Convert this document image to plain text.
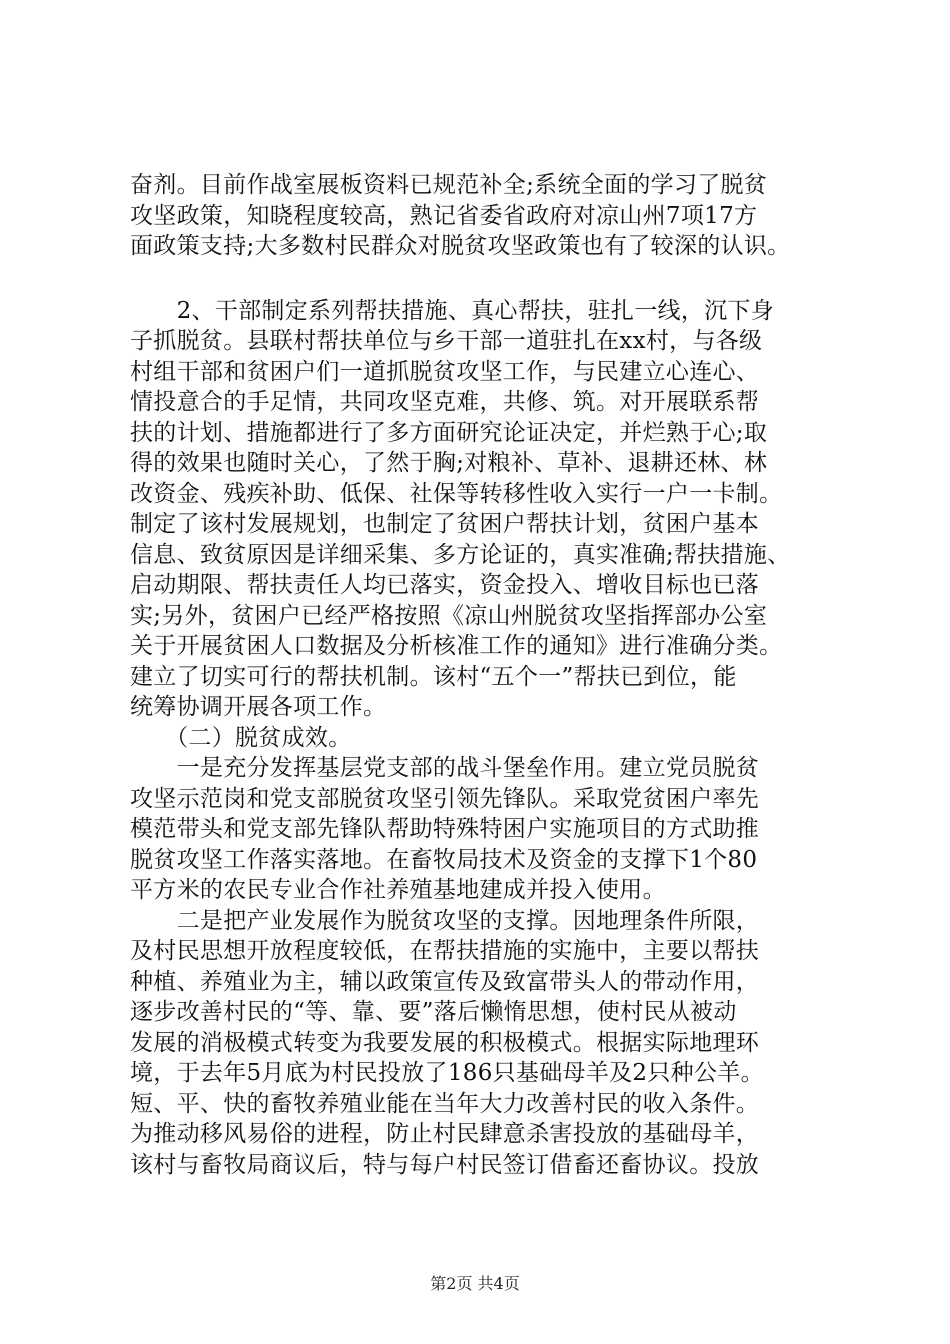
奋剂。目前作战室展板资料已规范补全;系统全面的学习了脱贫
攻坚政策，知晓程度较高，熟记省委省政府对凉山州7项17方
面政策支持;大多数村民群众对脱贫攻坚政策也有了较深的认识。
　　2、干部制定系列帮扶措施、真心帮扶，驻扎一线，沉下身
子抓脱贫。县联村帮扶单位与乡干部一道驻扎在xx村，与各级
村组干部和贫困户们一道抓脱贫攻坚工作，与民建立心连心、
情投意合的手足情，共同攻坚克难，共修、筑。对开展联系帮
扶的计划、措施都进行了多方面研究论证决定，并烂熟于心;取
得的效果也随时关心，了然于胸;对粮补、草补、退耕还林、林
改资金、残疾补助、低保、社保等转移性收入实行一户一卡制。
制定了该村发展规划，也制定了贫困户帮扶计划，贫困户基本
信息、致贫原因是详细采集、多方论证的，真实准确;帮扶措施、
启动期限、帮扶责任人均已落实，资金投入、增收目标也已落
实;另外，贫困户已经严格按照《凉山州脱贫攻坚指挥部办公室
关于开展贫困人口数据及分析核准工作的通知》进行准确分类。
建立了切实可行的帮扶机制。该村“五个一”帮扶已到位，能
统筹协调开展各项工作。
　　（二）脱贫成效。
　　一是充分发挥基层党支部的战斗堡垒作用。建立党员脱贫
攻坚示范岗和党支部脱贫攻坚引领先锋队。采取党贫困户率先
模范带头和党支部先锋队帮助特殊特困户实施项目的方式助推
脱贫攻坚工作落实落地。在畜牧局技术及资金的支撑下1个80
平方米的农民专业合作社养殖基地建成并投入使用。
　　二是把产业发展作为脱贫攻坚的支撑。因地理条件所限，
及村民思想开放程度较低，在帮扶措施的实施中，主要以帮扶
种植、养殖业为主，辅以政策宣传及致富带头人的带动作用，
逐步改善村民的“等、靠、要”落后懒惰思想，使村民从被动
发展的消极模式转变为我要发展的积极模式。根据实际地理环
境，于去年5月底为村民投放了186只基础母羊及2只种公羊。
短、平、快的畜牧养殖业能在当年大力改善村民的收入条件。
为推动移风易俗的进程，防止村民肆意杀害投放的基础母羊，
该村与畜牧局商议后，特与每户村民签订借畜还畜协议。投放
第2页 共4页
